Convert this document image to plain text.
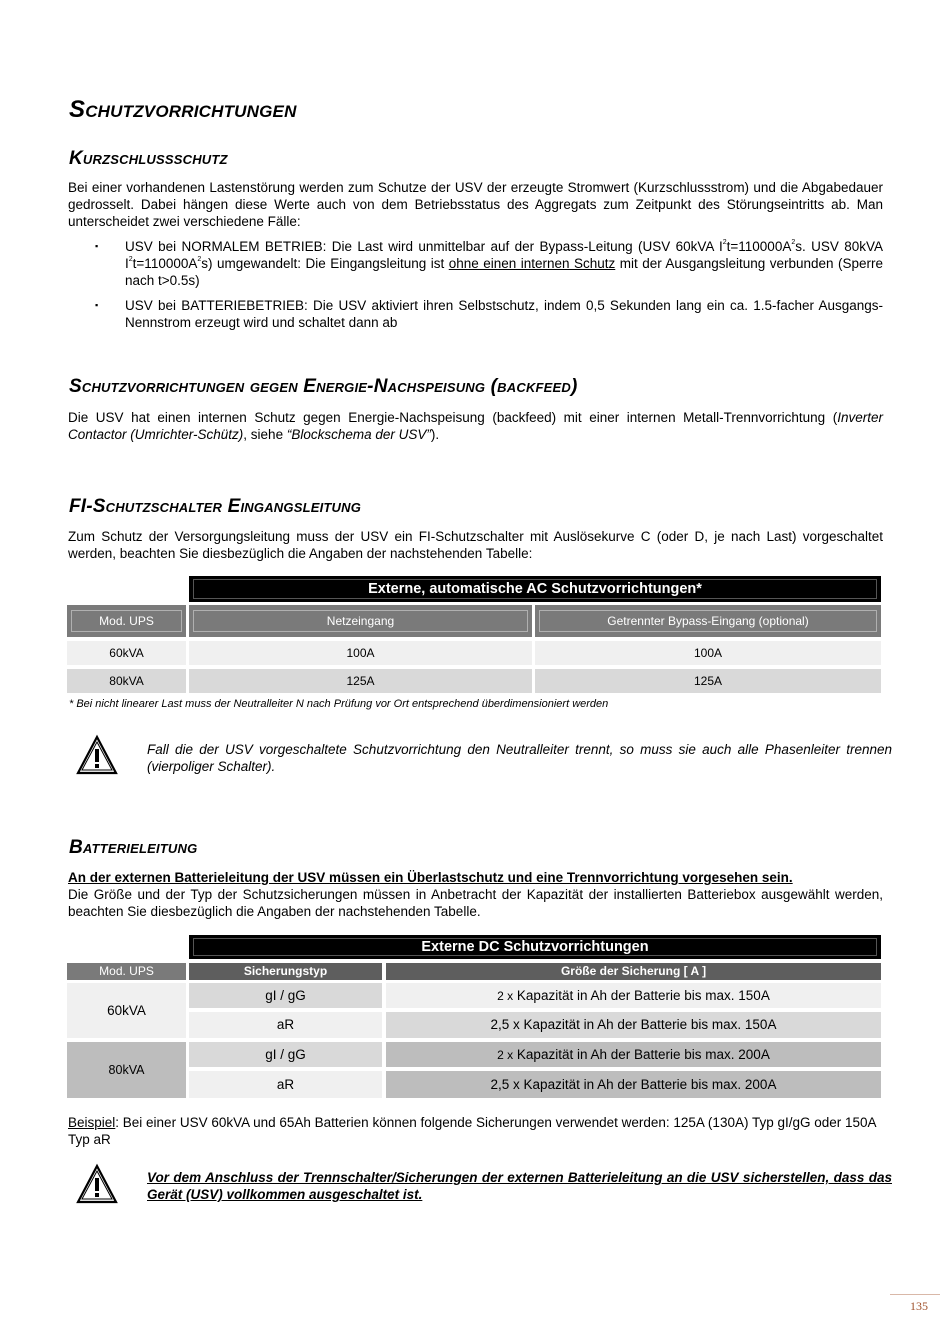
Schutzvorrichtungen
Kurzschlussschutz
Bei einer vorhandenen Lastenstörung werden zum Schutze der USV der erzeugte Stromwert (Kurzschlussstrom) und die Abgabedauer gedrosselt. Dabei hängen diese Werte auch von dem Betriebsstatus des Aggregats zum Zeitpunkt des Störungseintritts ab. Man unterscheidet zwei verschiedene Fälle:
▪ USV bei NORMALEM BETRIEB: Die Last wird unmittelbar auf der Bypass-Leitung (USV 60kVA $I^2t=110000A^2s$. USV 80kVA $I^2t=110000A^2s$) umgewandelt: Die Eingangsleitung ist ohne einen internen Schutz mit der Ausgangsleitung verbunden (Sperre nach t>0.5s)
▪ USV bei BATTERIEBETRIEB: Die USV aktiviert ihren Selbstschutz, indem 0,5 Sekunden lang ein ca. 1.5-facher Ausgangs-Nennstrom erzeugt wird und schaltet dann ab
Schutzvorrichtungen gegen Energie-Nachspeisung (backfeed)
Die USV hat einen internen Schutz gegen Energie-Nachspeisung (backfeed) mit einer internen Metall-Trennvorrichtung (Inverter Contactor (Umrichter-Schütz), siehe “Blockschema der USV”).
FI-Schutzschalter Eingangsleitung
Zum Schutz der Versorgungsleitung muss der USV ein FI-Schutzschalter mit Auslösekurve C (oder D, je nach Last) vorgeschaltet werden, beachten Sie diesbezüglich die Angaben der nachstehenden Tabelle:
Externe, automatische AC Schutzvorrichtungen*
Mod. UPS	Netzeingang	Getrennter Bypass-Eingang (optional)
60kVA	100A	100A
80kVA	125A	125A
* Bei nicht linearer Last muss der Neutralleiter N nach Prüfung vor Ort entsprechend überdimensioniert werden
Fall die der USV vorgeschaltete Schutzvorrichtung den Neutralleiter trennt, so muss sie auch alle Phasenleiter trennen (vierpoliger Schalter).
Batterieleitung
An der externen Batterieleitung der USV müssen ein Überlastschutz und eine Trennvorrichtung vorgesehen sein.
Die Größe und der Typ der Schutzsicherungen müssen in Anbetracht der Kapazität der installierten Batteriebox ausgewählt werden, beachten Sie diesbezüglich die Angaben der nachstehenden Tabelle.
Externe DC Schutzvorrichtungen
Mod. UPS	Sicherungstyp	Größe der Sicherung [ A ]
60kVA
gI / gG	2 x Kapazität in Ah der Batterie bis max. 150A
aR	2,5 x Kapazität in Ah der Batterie bis max. 150A
80kVA
gI / gG	2 x Kapazität in Ah der Batterie bis max. 200A
aR	2,5 x Kapazität in Ah der Batterie bis max. 200A
Beispiel: Bei einer USV 60kVA und 65Ah Batterien können folgende Sicherungen verwendet werden: 125A (130A) Typ gI/gG oder 150A Typ aR
Vor dem Anschluss der Trennschalter/Sicherungen der externen Batterieleitung an die USV sicherstellen, dass das Gerät (USV) vollkommen ausgeschaltet ist.
135
